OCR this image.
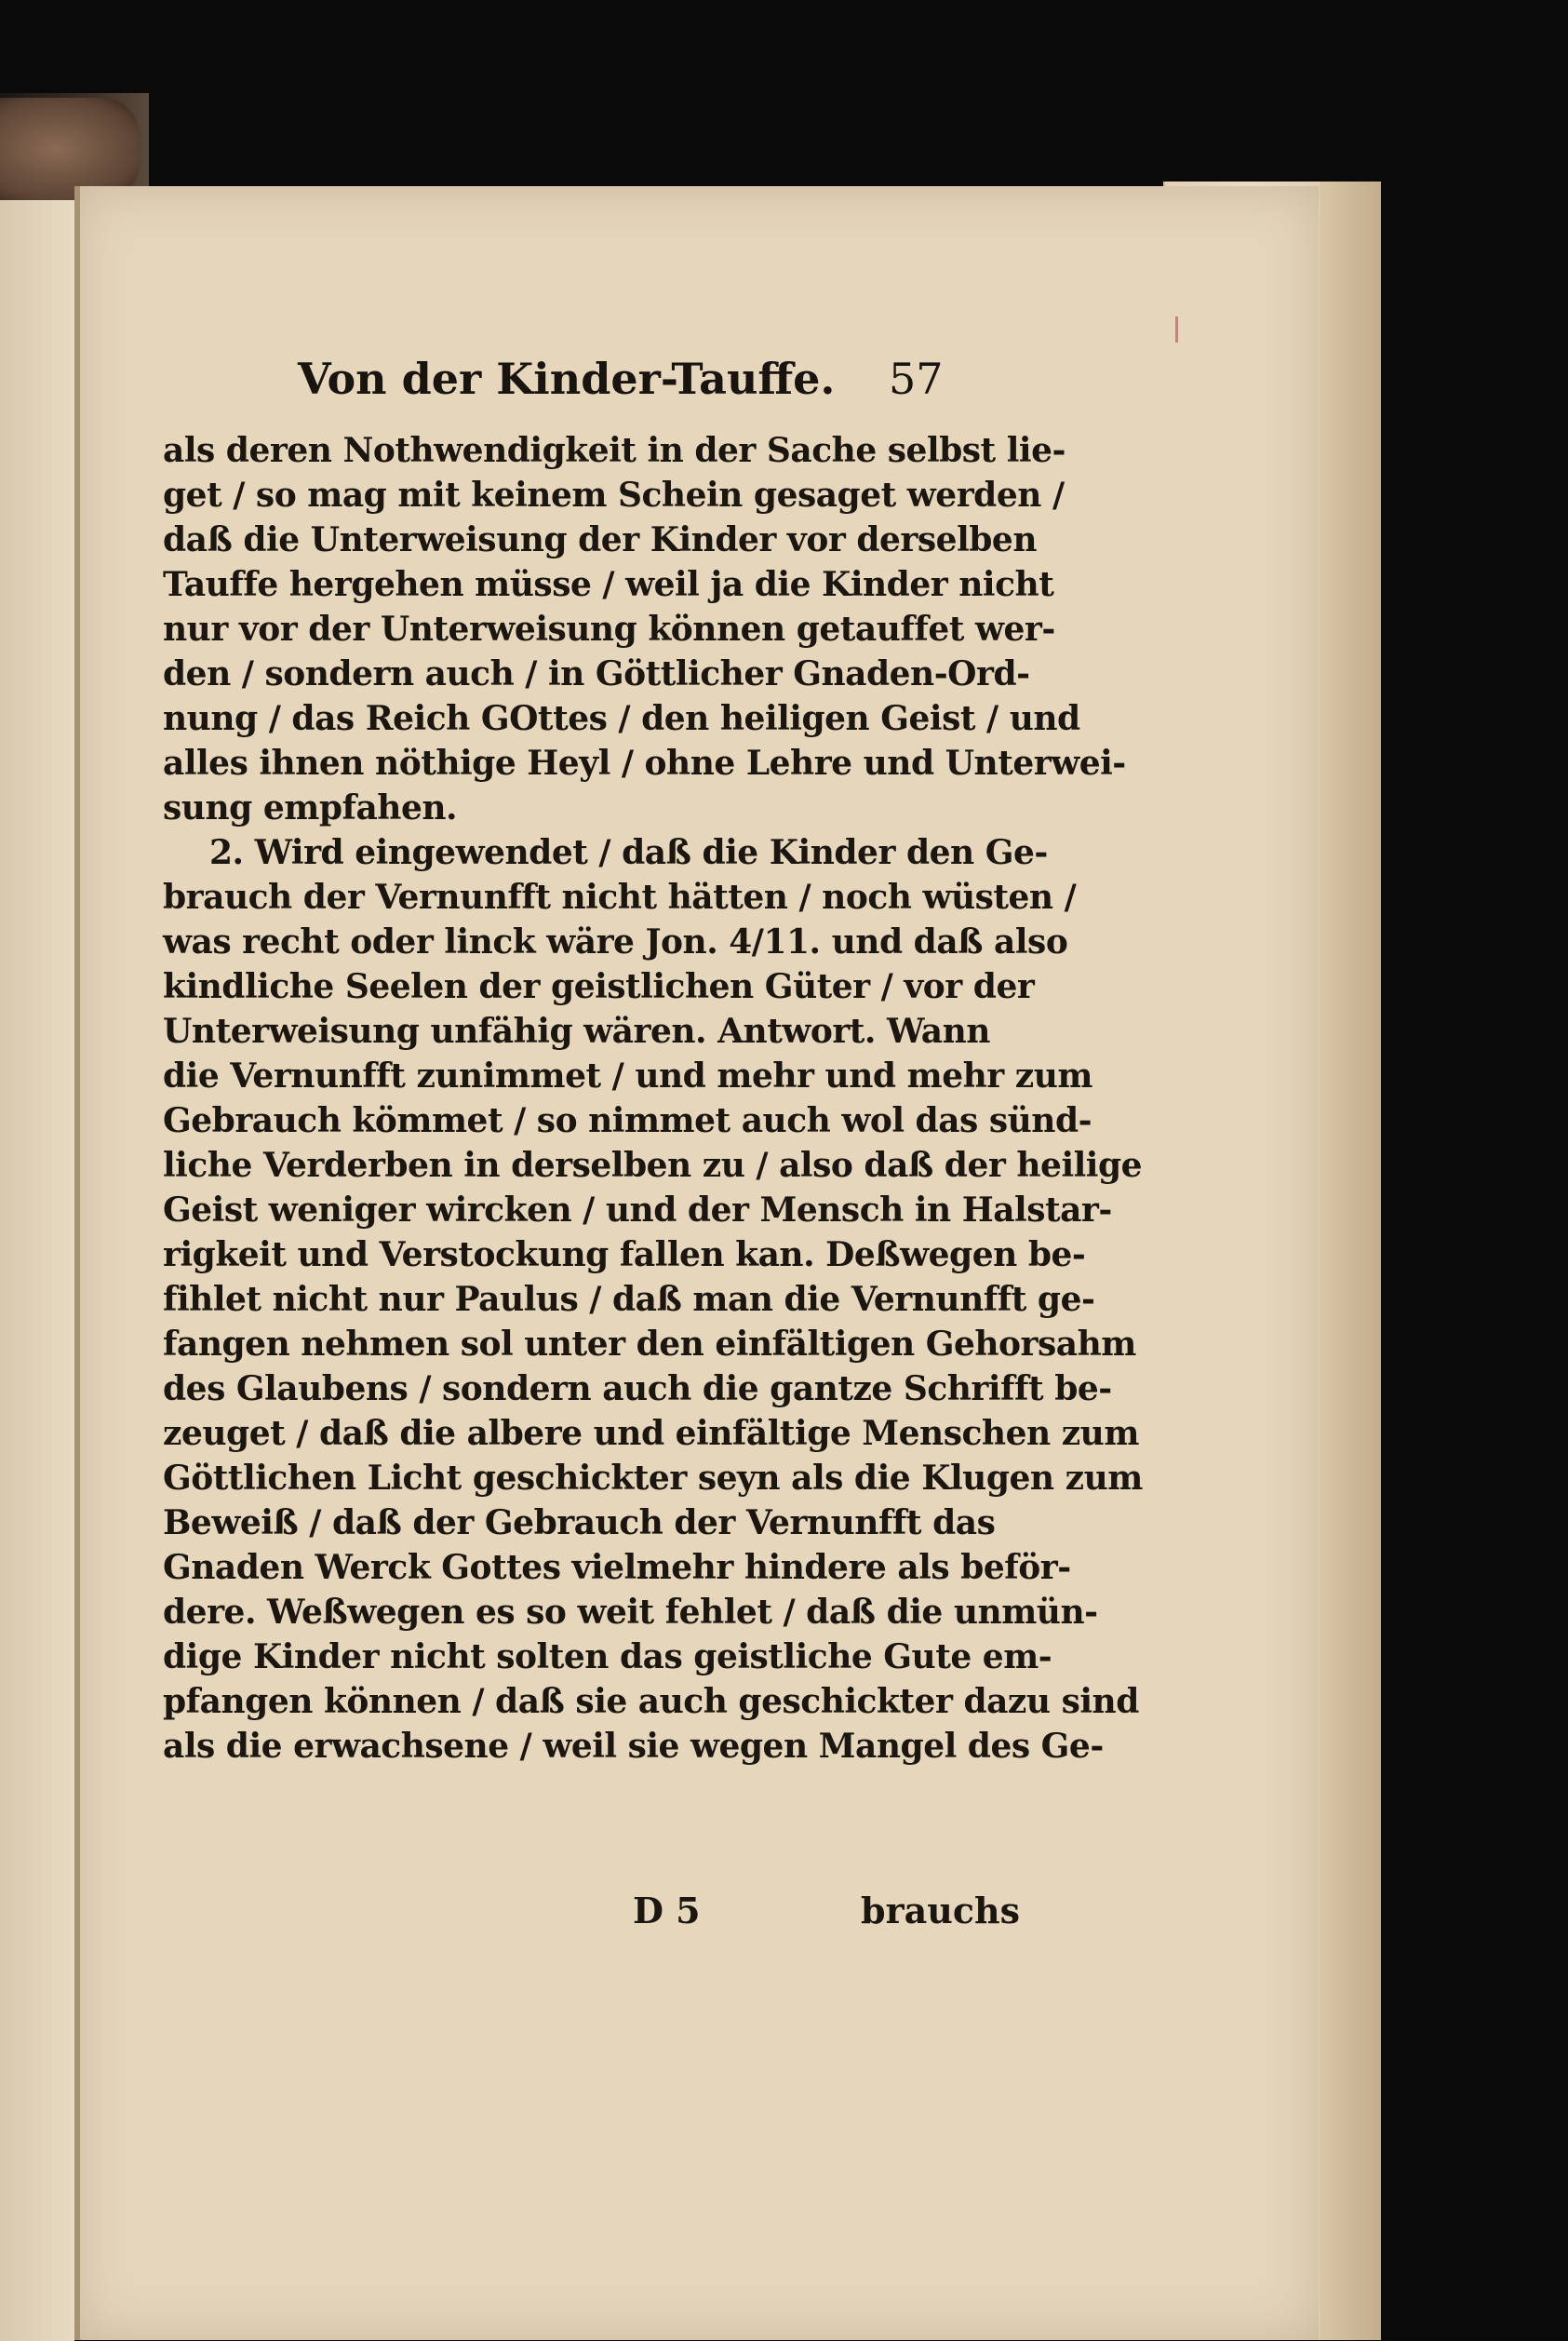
Von der Kinder-Tauffe. 57
als deren Nothwendigkeit in der Sache selbst lie-
get / so mag mit keinem Schein gesaget werden /
daß die Unterweisung der Kinder vor derselben
Tauffe hergehen müsse / weil ja die Kinder nicht
nur vor der Unterweisung können getauffet wer-
den / sondern auch / in Göttlicher Gnaden-Ord-
nung / das Reich GOttes / den heiligen Geist / und
alles ihnen nöthige Heyl / ohne Lehre und Unterwei-
sung empfahen.
2. Wird eingewendet / daß die Kinder den Ge-
brauch der Vernunfft nicht hätten / noch wüsten /
was recht oder linck wäre Jon. 4/11. und daß also
kindliche Seelen der geistlichen Güter / vor der
Unterweisung unfähig wären. Antwort. Wann
die Vernunfft zunimmet / und mehr und mehr zum
Gebrauch kömmet / so nimmet auch wol das sünd-
liche Verderben in derselben zu / also daß der heilige
Geist weniger wircken / und der Mensch in Halstar-
rigkeit und Verstockung fallen kan. Deßwegen be-
fihlet nicht nur Paulus / daß man die Vernunfft ge-
fangen nehmen sol unter den einfältigen Gehorsahm
des Glaubens / sondern auch die gantze Schrifft be-
zeuget / daß die albere und einfältige Menschen zum
Göttlichen Licht geschickter seyn als die Klugen zum
Beweiß / daß der Gebrauch der Vernunfft das
Gnaden Werck Gottes vielmehr hindere als beför-
dere. Weßwegen es so weit fehlet / daß die unmün-
dige Kinder nicht solten das geistliche Gute em-
pfangen können / daß sie auch geschickter dazu sind
als die erwachsene / weil sie wegen Mangel des Ge-
D 5	brauchs
